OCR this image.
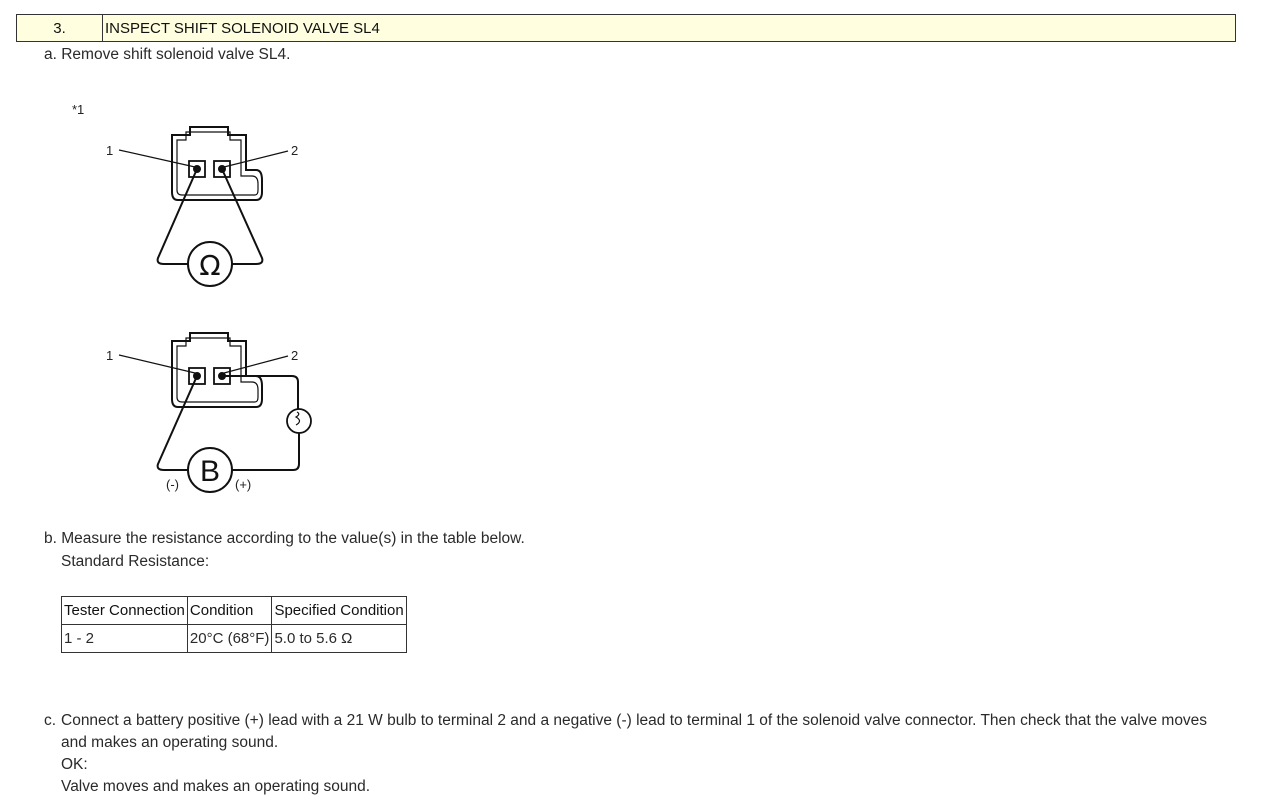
3.	INSPECT SHIFT SOLENOID VALVE SL4
a. Remove shift solenoid valve SL4.
*1
1	2
Ω
1	2
B
(-)	(+)
b. Measure the resistance according to the value(s) in the table below.
Standard Resistance:
Tester Connection	Condition	Specified Condition
1 - 2	20°C (68°F)	5.0 to 5.6 Ω
c. Connect a battery positive (+) lead with a 21 W bulb to terminal 2 and a negative (-) lead to terminal 1 of the solenoid valve connector. Then check that the valve moves
and makes an operating sound.
OK:
Valve moves and makes an operating sound.
